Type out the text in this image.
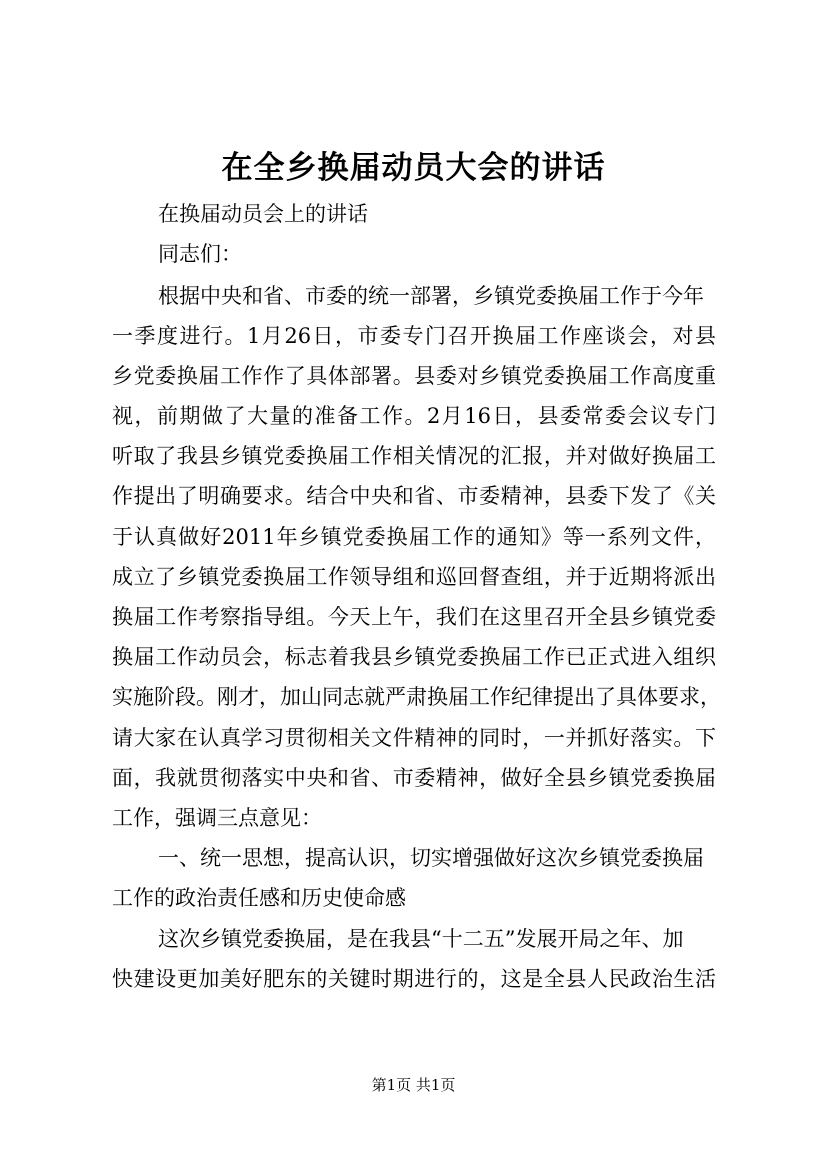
在全乡换届动员大会的讲话

在换届动员会上的讲话

同志们：

根据中央和省、市委的统一部署，乡镇党委换届工作于今年

一季度进行。1月26日，市委专门召开换届工作座谈会，对县

乡党委换届工作作了具体部署。县委对乡镇党委换届工作高度重

视，前期做了大量的准备工作。2月16日，县委常委会议专门

听取了我县乡镇党委换届工作相关情况的汇报，并对做好换届工

作提出了明确要求。结合中央和省、市委精神，县委下发了《关

于认真做好2011年乡镇党委换届工作的通知》等一系列文件，

成立了乡镇党委换届工作领导组和巡回督查组，并于近期将派出

换届工作考察指导组。今天上午，我们在这里召开全县乡镇党委

换届工作动员会，标志着我县乡镇党委换届工作已正式进入组织

实施阶段。刚才，加山同志就严肃换届工作纪律提出了具体要求，

请大家在认真学习贯彻相关文件精神的同时，一并抓好落实。下

面，我就贯彻落实中央和省、市委精神，做好全县乡镇党委换届

工作，强调三点意见：

一、统一思想，提高认识，切实增强做好这次乡镇党委换届

工作的政治责任感和历史使命感

这次乡镇党委换届，是在我县“十二五”发展开局之年、加

快建设更加美好肥东的关键时期进行的，这是全县人民政治生活

第1页 共1页
